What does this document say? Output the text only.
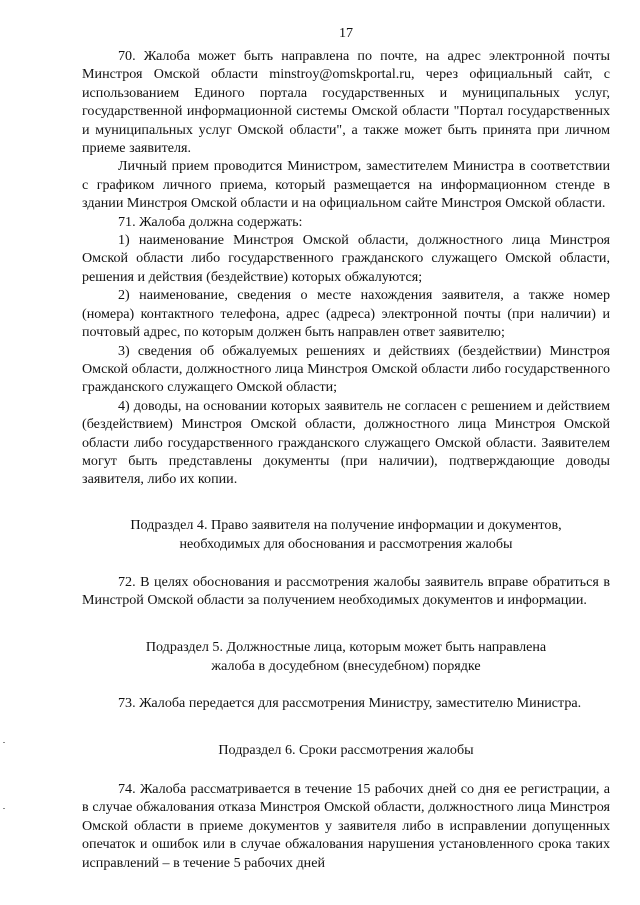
17

70. Жалоба может быть направлена по почте, на адрес электронной почты Минстроя Омской области minstroy@omskportal.ru, через официальный сайт, с использованием Единого портала государственных и муниципальных услуг, государственной информационной системы Омской области "Портал государственных и муниципальных услуг Омской области", а также может быть принята при личном приеме заявителя.

Личный прием проводится Министром, заместителем Министра в соответствии с графиком личного приема, который размещается на информационном стенде в здании Минстроя Омской области и на официальном сайте Минстроя Омской области.

71. Жалоба должна содержать:

1) наименование Минстроя Омской области, должностного лица Минстроя Омской области либо государственного гражданского служащего Омской области, решения и действия (бездействие) которых обжалуются;

2) наименование, сведения о месте нахождения заявителя, а также номер (номера) контактного телефона, адрес (адреса) электронной почты (при наличии) и почтовый адрес, по которым должен быть направлен ответ заявителю;

3) сведения об обжалуемых решениях и действиях (бездействии) Минстроя Омской области, должностного лица Минстроя Омской области либо государственного гражданского служащего Омской области;

4) доводы, на основании которых заявитель не согласен с решением и действием (бездействием) Минстроя Омской области, должностного лица Минстроя Омской области либо государственного гражданского служащего Омской области. Заявителем могут быть представлены документы (при наличии), подтверждающие доводы заявителя, либо их копии.

Подраздел 4. Право заявителя на получение информации и документов,

необходимых для обоснования и рассмотрения жалобы

72. В целях обоснования и рассмотрения жалобы заявитель вправе обратиться в Минстрой Омской области за получением необходимых документов и информации.

Подраздел 5. Должностные лица, которым может быть направлена

жалоба в досудебном (внесудебном) порядке

73. Жалоба передается для рассмотрения Министру, заместителю Министра.

Подраздел 6. Сроки рассмотрения жалобы

74. Жалоба рассматривается в течение 15 рабочих дней со дня ее регистрации, а в случае обжалования отказа Минстроя Омской области, должностного лица Минстроя Омской области в приеме документов у заявителя либо в исправлении допущенных опечаток и ошибок или в случае обжалования нарушения установленного срока таких исправлений – в течение 5 рабочих дней
